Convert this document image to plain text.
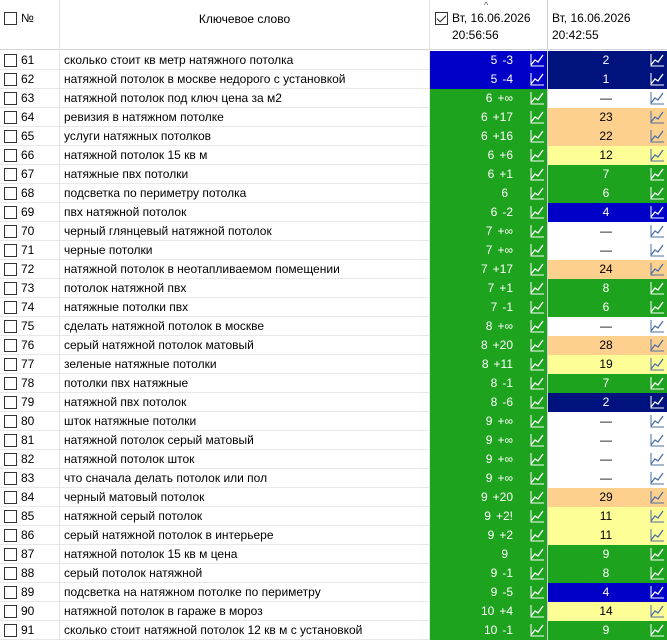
№	Ключевое слово
^
Вт, 16.06.2026
20:56:56
Вт, 16.06.2026
20:42:55
61	сколько стоит кв метр натяжного потолка	5 -3	2
62	натяжной потолок в москве недорого с установкой	5 -4	1
63	натяжной потолок под ключ цена за м2	6 +∞	—
64	ревизия в натяжном потолке	6 +17	23
65	услуги натяжных потолков	6 +16	22
66	натяжной потолок 15 кв м	6 +6	12
67	натяжные пвх потолки	6 +1	7
68	подсветка по периметру потолка	6	6
69	пвх натяжной потолок	6 -2	4
70	черный глянцевый натяжной потолок	7 +∞	—
71	черные потолки	7 +∞	—
72	натяжной потолок в неотапливаемом помещении	7 +17	24
73	потолок натяжной пвх	7 +1	8
74	натяжные потолки пвх	7 -1	6
75	сделать натяжной потолок в москве	8 +∞	—
76	серый натяжной потолок матовый	8 +20	28
77	зеленые натяжные потолки	8 +11	19
78	потолки пвх натяжные	8 -1	7
79	натяжной пвх потолок	8 -6	2
80	шток натяжные потолки	9 +∞	—
81	натяжной потолок серый матовый	9 +∞	—
82	натяжной потолок шток	9 +∞	—
83	что сначала делать потолок или пол	9 +∞	—
84	черный матовый потолок	9 +20	29
85	натяжной серый потолок	9 +2!	11
86	серый натяжной потолок в интерьере	9 +2	11
87	натяжной потолок 15 кв м цена	9	9
88	серый потолок натяжной	9 -1	8
89	подсветка на натяжном потолке по периметру	9 -5	4
90	натяжной потолок в гараже в мороз	10 +4	14
91	сколько стоит натяжной потолок 12 кв м с установкой	10 -1	9
